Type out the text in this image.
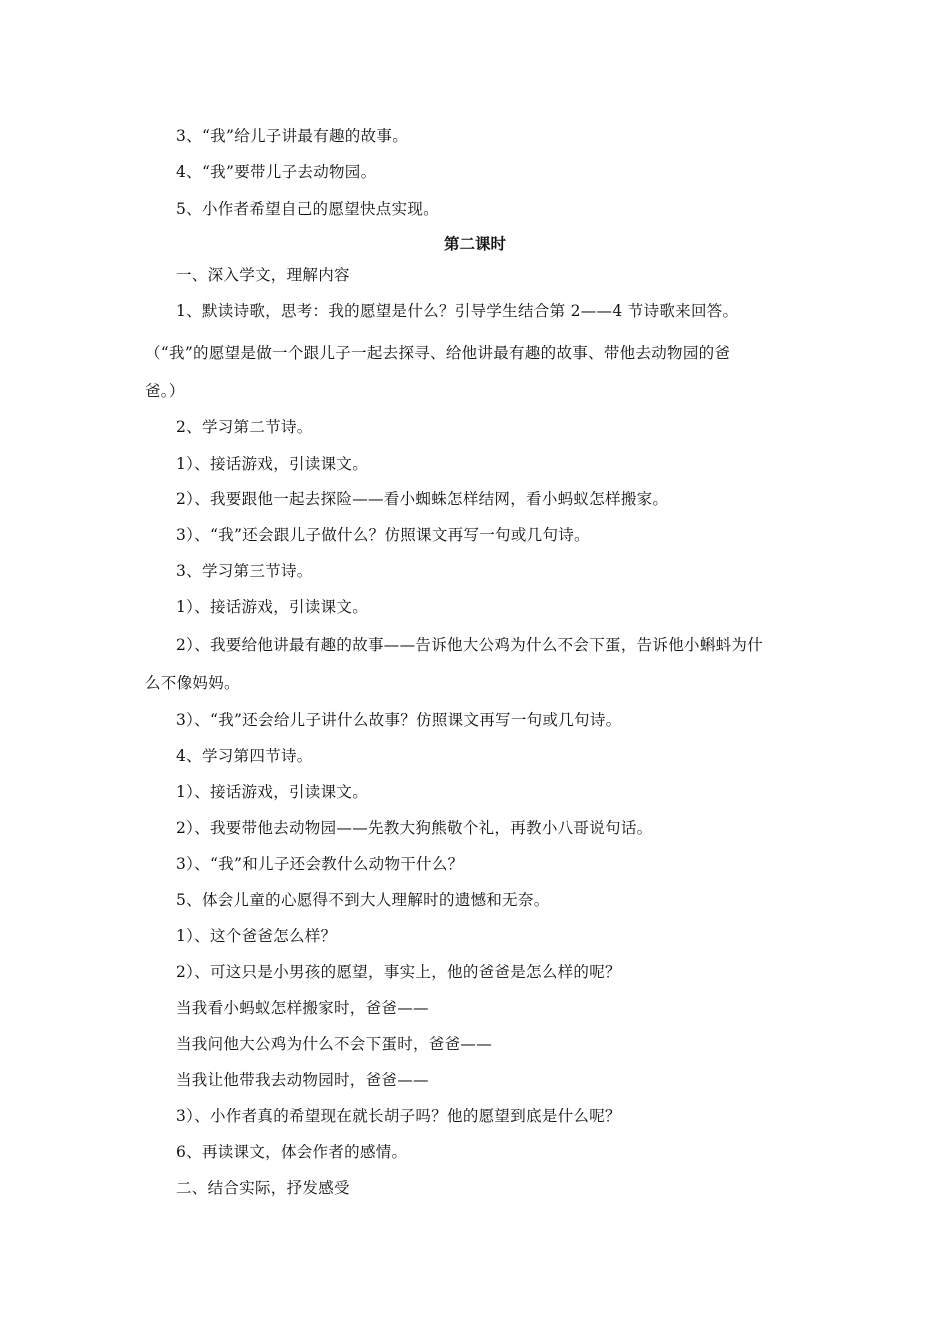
3、“我”给儿子讲最有趣的故事。
4、“我”要带儿子去动物园。
5、小作者希望自己的愿望快点实现。
第二课时
一、深入学文，理解内容
1、默读诗歌，思考：我的愿望是什么？引导学生结合第 2——4 节诗歌来回答。
（“我”的愿望是做一个跟儿子一起去探寻、给他讲最有趣的故事、带他去动物园的爸
爸。）
2、学习第二节诗。
1）、接话游戏，引读课文。
2）、我要跟他一起去探险——看小蜘蛛怎样结网，看小蚂蚁怎样搬家。
3）、“我”还会跟儿子做什么？仿照课文再写一句或几句诗。
3、学习第三节诗。
1）、接话游戏，引读课文。
2）、我要给他讲最有趣的故事——告诉他大公鸡为什么不会下蛋，告诉他小蝌蚪为什
么不像妈妈。
3）、“我”还会给儿子讲什么故事？仿照课文再写一句或几句诗。
4、学习第四节诗。
1）、接话游戏，引读课文。
2）、我要带他去动物园——先教大狗熊敬个礼，再教小八哥说句话。
3）、“我”和儿子还会教什么动物干什么？
5、体会儿童的心愿得不到大人理解时的遗憾和无奈。
1）、这个爸爸怎么样？
2）、可这只是小男孩的愿望，事实上，他的爸爸是怎么样的呢？
当我看小蚂蚁怎样搬家时，爸爸——
当我问他大公鸡为什么不会下蛋时，爸爸——
当我让他带我去动物园时，爸爸——
3）、小作者真的希望现在就长胡子吗？他的愿望到底是什么呢？
6、再读课文，体会作者的感情。
二、结合实际，抒发感受
